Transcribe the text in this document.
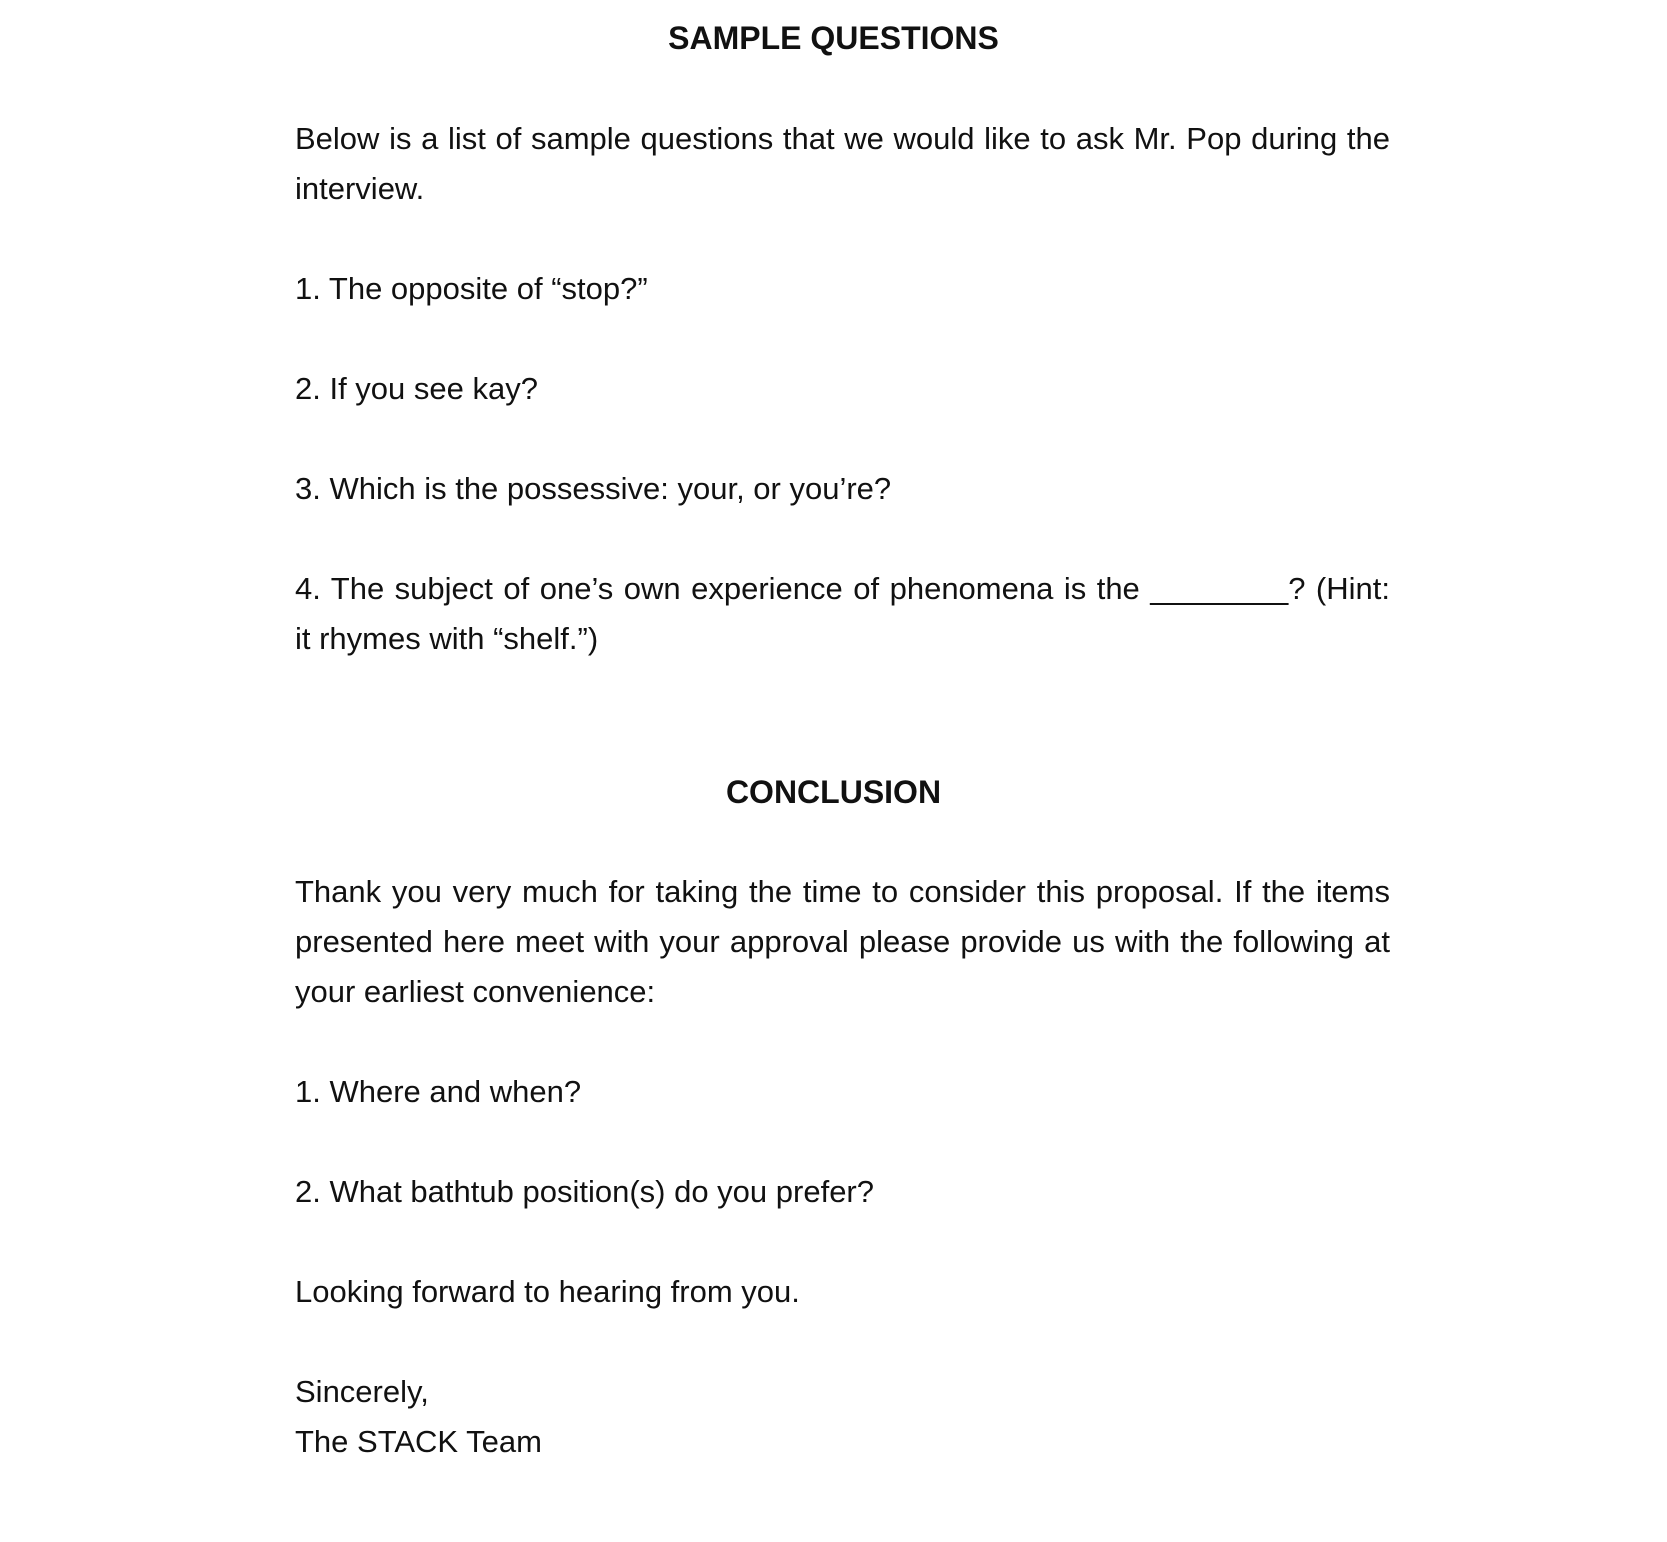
SAMPLE QUESTIONS

Below is a list of sample questions that we would like to ask Mr. Pop during the interview.

1. The opposite of “stop?”

2. If you see kay?

3. Which is the possessive: your, or you’re?

4. The subject of one’s own experience of phenomena is the ________? (Hint: it rhymes with “shelf.”)

CONCLUSION

Thank you very much for taking the time to consider this proposal. If the items presented here meet with your approval please provide us with the following at your earliest convenience:

1. Where and when?

2. What bathtub position(s) do you prefer?

Looking forward to hearing from you.

Sincerely,

The STACK Team
